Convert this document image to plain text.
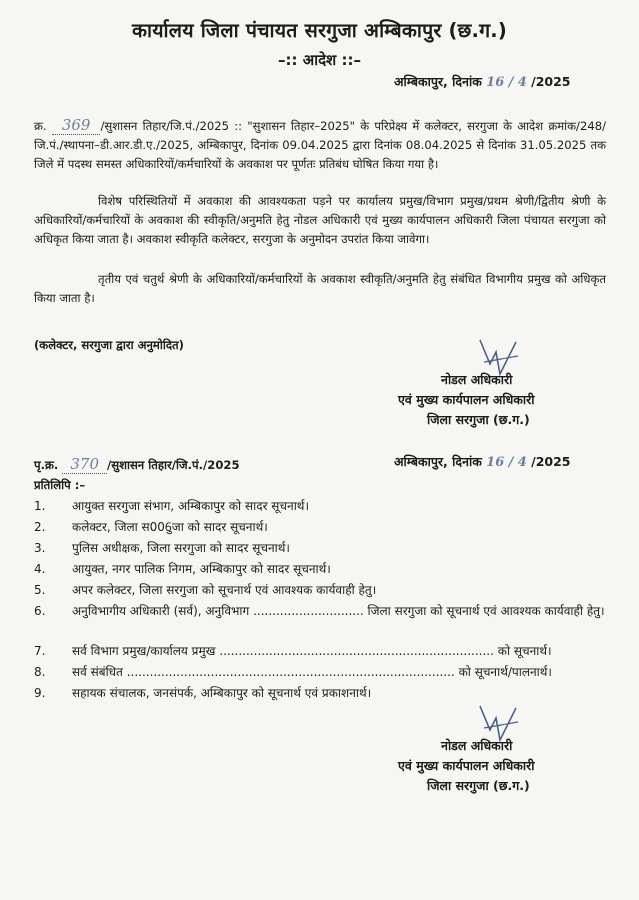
कार्यालय जिला पंचायत सरगुजा अम्बिकापुर (छ.ग.)
–:: आदेश ::–
अम्बिकापुर, दिनांक 16 / 4 /2025
क्र. 369 /सुशासन तिहार/जि.पं./2025 :: "सुशासन तिहार–2025" के परिप्रेक्ष्य में कलेक्टर, सरगुजा के आदेश क्रमांक/248/जि.पं./स्थापना–डी.आर.डी.ए./2025, अम्बिकापुर, दिनांक 09.04.2025 द्वारा दिनांक 08.04.2025 से दिनांक 31.05.2025 तक जिले में पदस्थ समस्त अधिकारियों/कर्मचारियों के अवकाश पर पूर्णतः प्रतिबंध घोषित किया गया है।
विशेष परिस्थितियों में अवकाश की आवश्यकता पड़ने पर कार्यालय प्रमुख/विभाग प्रमुख/प्रथम श्रेणी/द्वितीय श्रेणी के अधिकारियों/कर्मचारियों के अवकाश की स्वीकृति/अनुमति हेतु नोडल अधिकारी एवं मुख्य कार्यपालन अधिकारी जिला पंचायत सरगुजा को अधिकृत किया जाता है। अवकाश स्वीकृति कलेक्टर, सरगुजा के अनुमोदन उपरांत किया जावेगा।
तृतीय एवं चतुर्थ श्रेणी के अधिकारियों/कर्मचारियों के अवकाश स्वीकृति/अनुमति हेतु संबंधित विभागीय प्रमुख को अधिकृत किया जाता है।
(कलेक्टर, सरगुजा द्वारा अनुमोदित)
नोडल अधिकारी
एवं मुख्य कार्यपालन अधिकारी
जिला सरगुजा (छ.ग.)
पृ.क्र. 370 /सुशासन तिहार/जि.पं./2025	अम्बिकापुर, दिनांक 16 / 4 /2025
प्रतिलिपि :–
1.	आयुक्त सरगुजा संभाग, अम्बिकापुर को सादर सूचनार्थ।
2.	कलेक्टर, जिला स006ुजा को सादर सूचनार्थ।
3.	पुलिस अधीक्षक, जिला सरगुजा को सादर सूचनार्थ।
4.	आयुक्त, नगर पालिक निगम, अम्बिकापुर को सादर सूचनार्थ।
5.	अपर कलेक्टर, जिला सरगुजा को सूचनार्थ एवं आवश्यक कार्यवाही हेतु।
6.	अनुविभागीय अधिकारी (सर्व), अनुविभाग ............................. जिला सरगुजा को सूचनार्थ एवं आवश्यक कार्यवाही हेतु।
7.	सर्व विभाग प्रमुख/कार्यालय प्रमुख ........................................................................ को सूचनार्थ।
8.	सर्व संबंधित ...................................................................................... को सूचनार्थ/पालनार्थ।
9.	सहायक संचालक, जनसंपर्क, अम्बिकापुर को सूचनार्थ एवं प्रकाशनार्थ।
नोडल अधिकारी
एवं मुख्य कार्यपालन अधिकारी
जिला सरगुजा (छ.ग.)
